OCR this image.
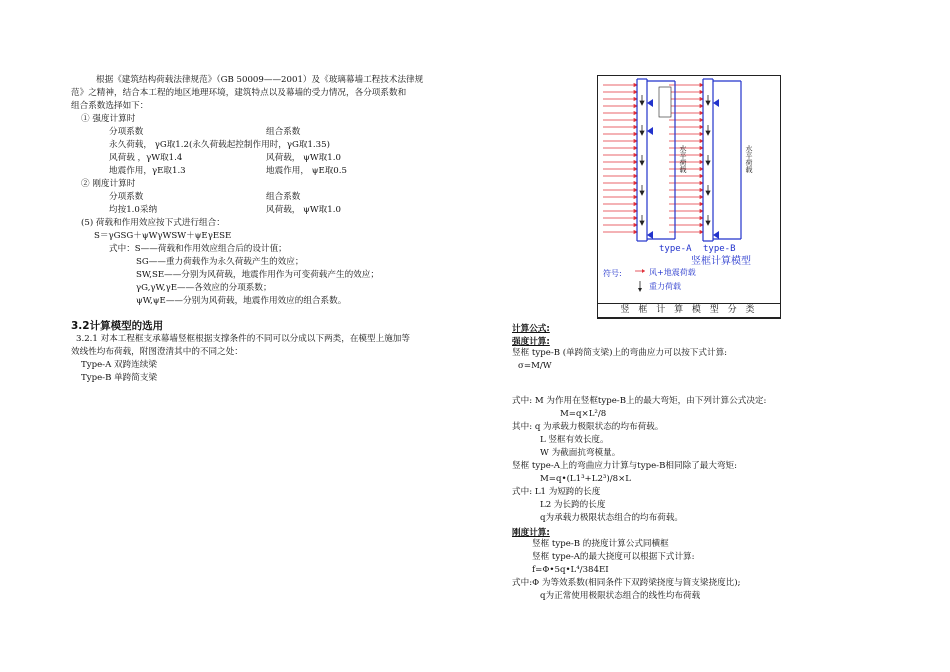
根据《建筑结构荷载法律规范》（GB 50009——2001）及《玻璃幕墙工程技术法律规
范》之精神，结合本工程的地区地理环境，建筑特点以及幕墙的受力情况，各分项系数和
组合系数选择如下：
① 强度计算时
分项系数	组合系数
永久荷载， γG取1.2(永久荷载起控制作用时，γG取1.35)
风荷载 ，γW取1.4	风荷载， ψW取1.0
地震作用，γE取1.3	地震作用， ψE取0.5
② 刚度计算时
分项系数	组合系数
均按1.0采纳	风荷载， ψW取1.0
(5) 荷载和作用效应按下式进行组合：
S＝γGSG＋ψWγWSW＋ψEγESE
式中：S——荷载和作用效应组合后的设计值；
SG——重力荷载作为永久荷载产生的效应；
SW,SE——分别为风荷载，地震作用作为可变荷载产生的效应；
γG,γW,γE——各效应的分项系数；
ψW,ψE——分别为风荷载，地震作用效应的组合系数。
3.2计算模型的选用
3.2.1 对本工程框支承幕墙竖框根据支撑条件的不同可以分成以下两类，在模型上施加等
效线性均布荷载，附图澄清其中的不同之处：
Type-A 双跨连续梁
Type-B 单跨简支梁
type-A type-B
竖框计算模型
符号:	风+地震荷载
重力荷载
水平荷载	水平荷载
竖 框 计 算 模 型 分 类
计算公式:
强度计算:
竖框 type-B (单跨简支梁)上的弯曲应力可以按下式计算:
σ=M/W
式中: M 为作用在竖框type-B上的最大弯矩，由下列计算公式决定:
M=q×L²/8
其中: q 为承载力极限状态的均布荷载。
L 竖框有效长度。
W 为截面抗弯模量。
竖框 type-A上的弯曲应力计算与type-B相同除了最大弯矩:
M=q•(L1³+L2³)/8×L
式中: L1 为短跨的长度
L2 为长跨的长度
q为承载力极限状态组合的均布荷载。
刚度计算:
竖框 type-B 的挠度计算公式同横框
竖框 type-A的最大挠度可以根据下式计算:
f=Φ•5q•L⁴/384EI
式中:Φ 为等效系数(相同条件下双跨梁挠度与简支梁挠度比);
q为正常使用极限状态组合的线性均布荷载
